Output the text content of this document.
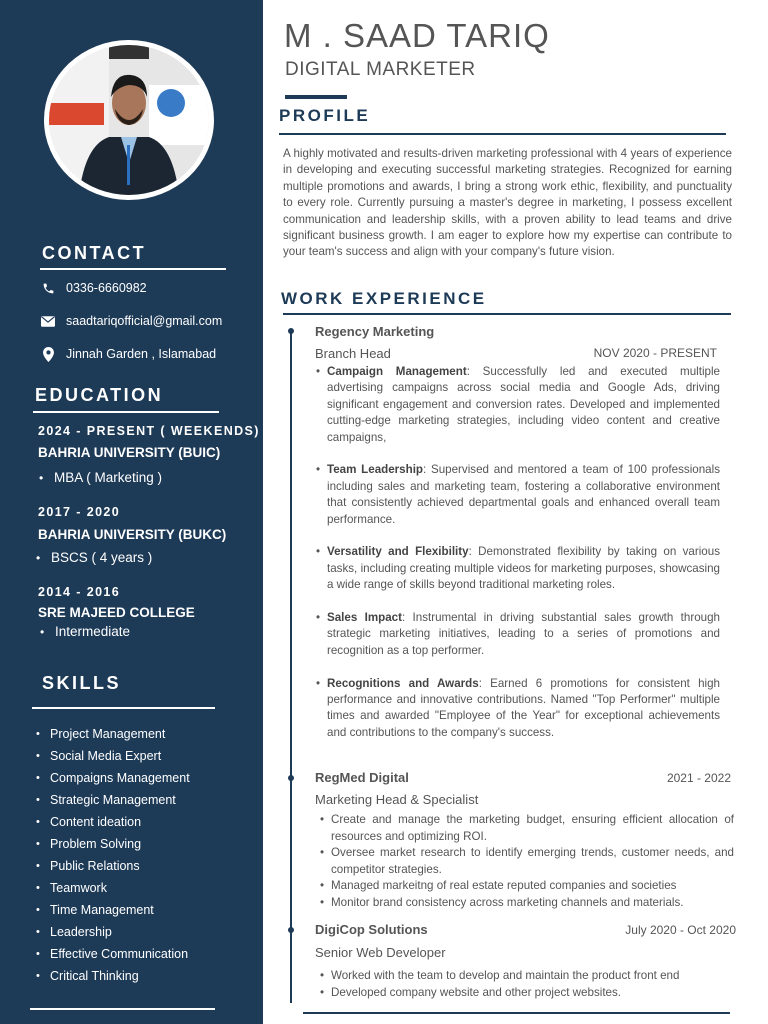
CONTACT
0336-6660982
saadtariqofficial@gmail.com
Jinnah Garden , Islamabad
EDUCATION
2024 - PRESENT ( WEEKENDS)
BAHRIA UNIVERSITY (BUIC)
• MBA ( Marketing )
2017 - 2020
BAHRIA UNIVERSITY (BUKC)
• BSCS ( 4 years )
2014 - 2016
SRE MAJEED COLLEGE
• Intermediate
SKILLS
• Project Management
• Social Media Expert
• Compaigns Management
• Strategic Management
• Content ideation
• Problem Solving
• Public Relations
• Teamwork
• Time Management
• Leadership
• Effective Communication
• Critical Thinking
M . SAAD TARIQ
DIGITAL MARKETER
PROFILE
A highly motivated and results-driven marketing professional with 4 years of experience in developing and executing successful marketing strategies. Recognized for earning multiple promotions and awards, I bring a strong work ethic, flexibility, and punctuality to every role. Currently pursuing a master's degree in marketing, I possess excellent communication and leadership skills, with a proven ability to lead teams and drive significant business growth. I am eager to explore how my expertise can contribute to your team's success and align with your company's future vision.
WORK EXPERIENCE
Regency Marketing
Branch Head	NOV 2020 - PRESENT
• Campaign Management: Successfully led and executed multiple advertising campaigns across social media and Google Ads, driving significant engagement and conversion rates. Developed and implemented cutting-edge marketing strategies, including video content and creative campaigns,
• Team Leadership: Supervised and mentored a team of 100 professionals including sales and marketing team, fostering a collaborative environment that consistently achieved departmental goals and enhanced overall team performance.
• Versatility and Flexibility: Demonstrated flexibility by taking on various tasks, including creating multiple videos for marketing purposes, showcasing a wide range of skills beyond traditional marketing roles.
• Sales Impact: Instrumental in driving substantial sales growth through strategic marketing initiatives, leading to a series of promotions and recognition as a top performer.
• Recognitions and Awards: Earned 6 promotions for consistent high performance and innovative contributions. Named "Top Performer" multiple times and awarded "Employee of the Year" for exceptional achievements and contributions to the company's success.
RegMed Digital
Marketing Head & Specialist
2021 - 2022
• Create and manage the marketing budget, ensuring efficient allocation of resources and optimizing ROI.
• Oversee market research to identify emerging trends, customer needs, and competitor strategies.
• Managed markeitng of real estate reputed companies and societies
• Monitor brand consistency across marketing channels and materials.
DigiCop Solutions
Senior Web Developer
July 2020 - Oct 2020
• Worked with the team to develop and maintain the product front end
• Developed company website and other project websites.
